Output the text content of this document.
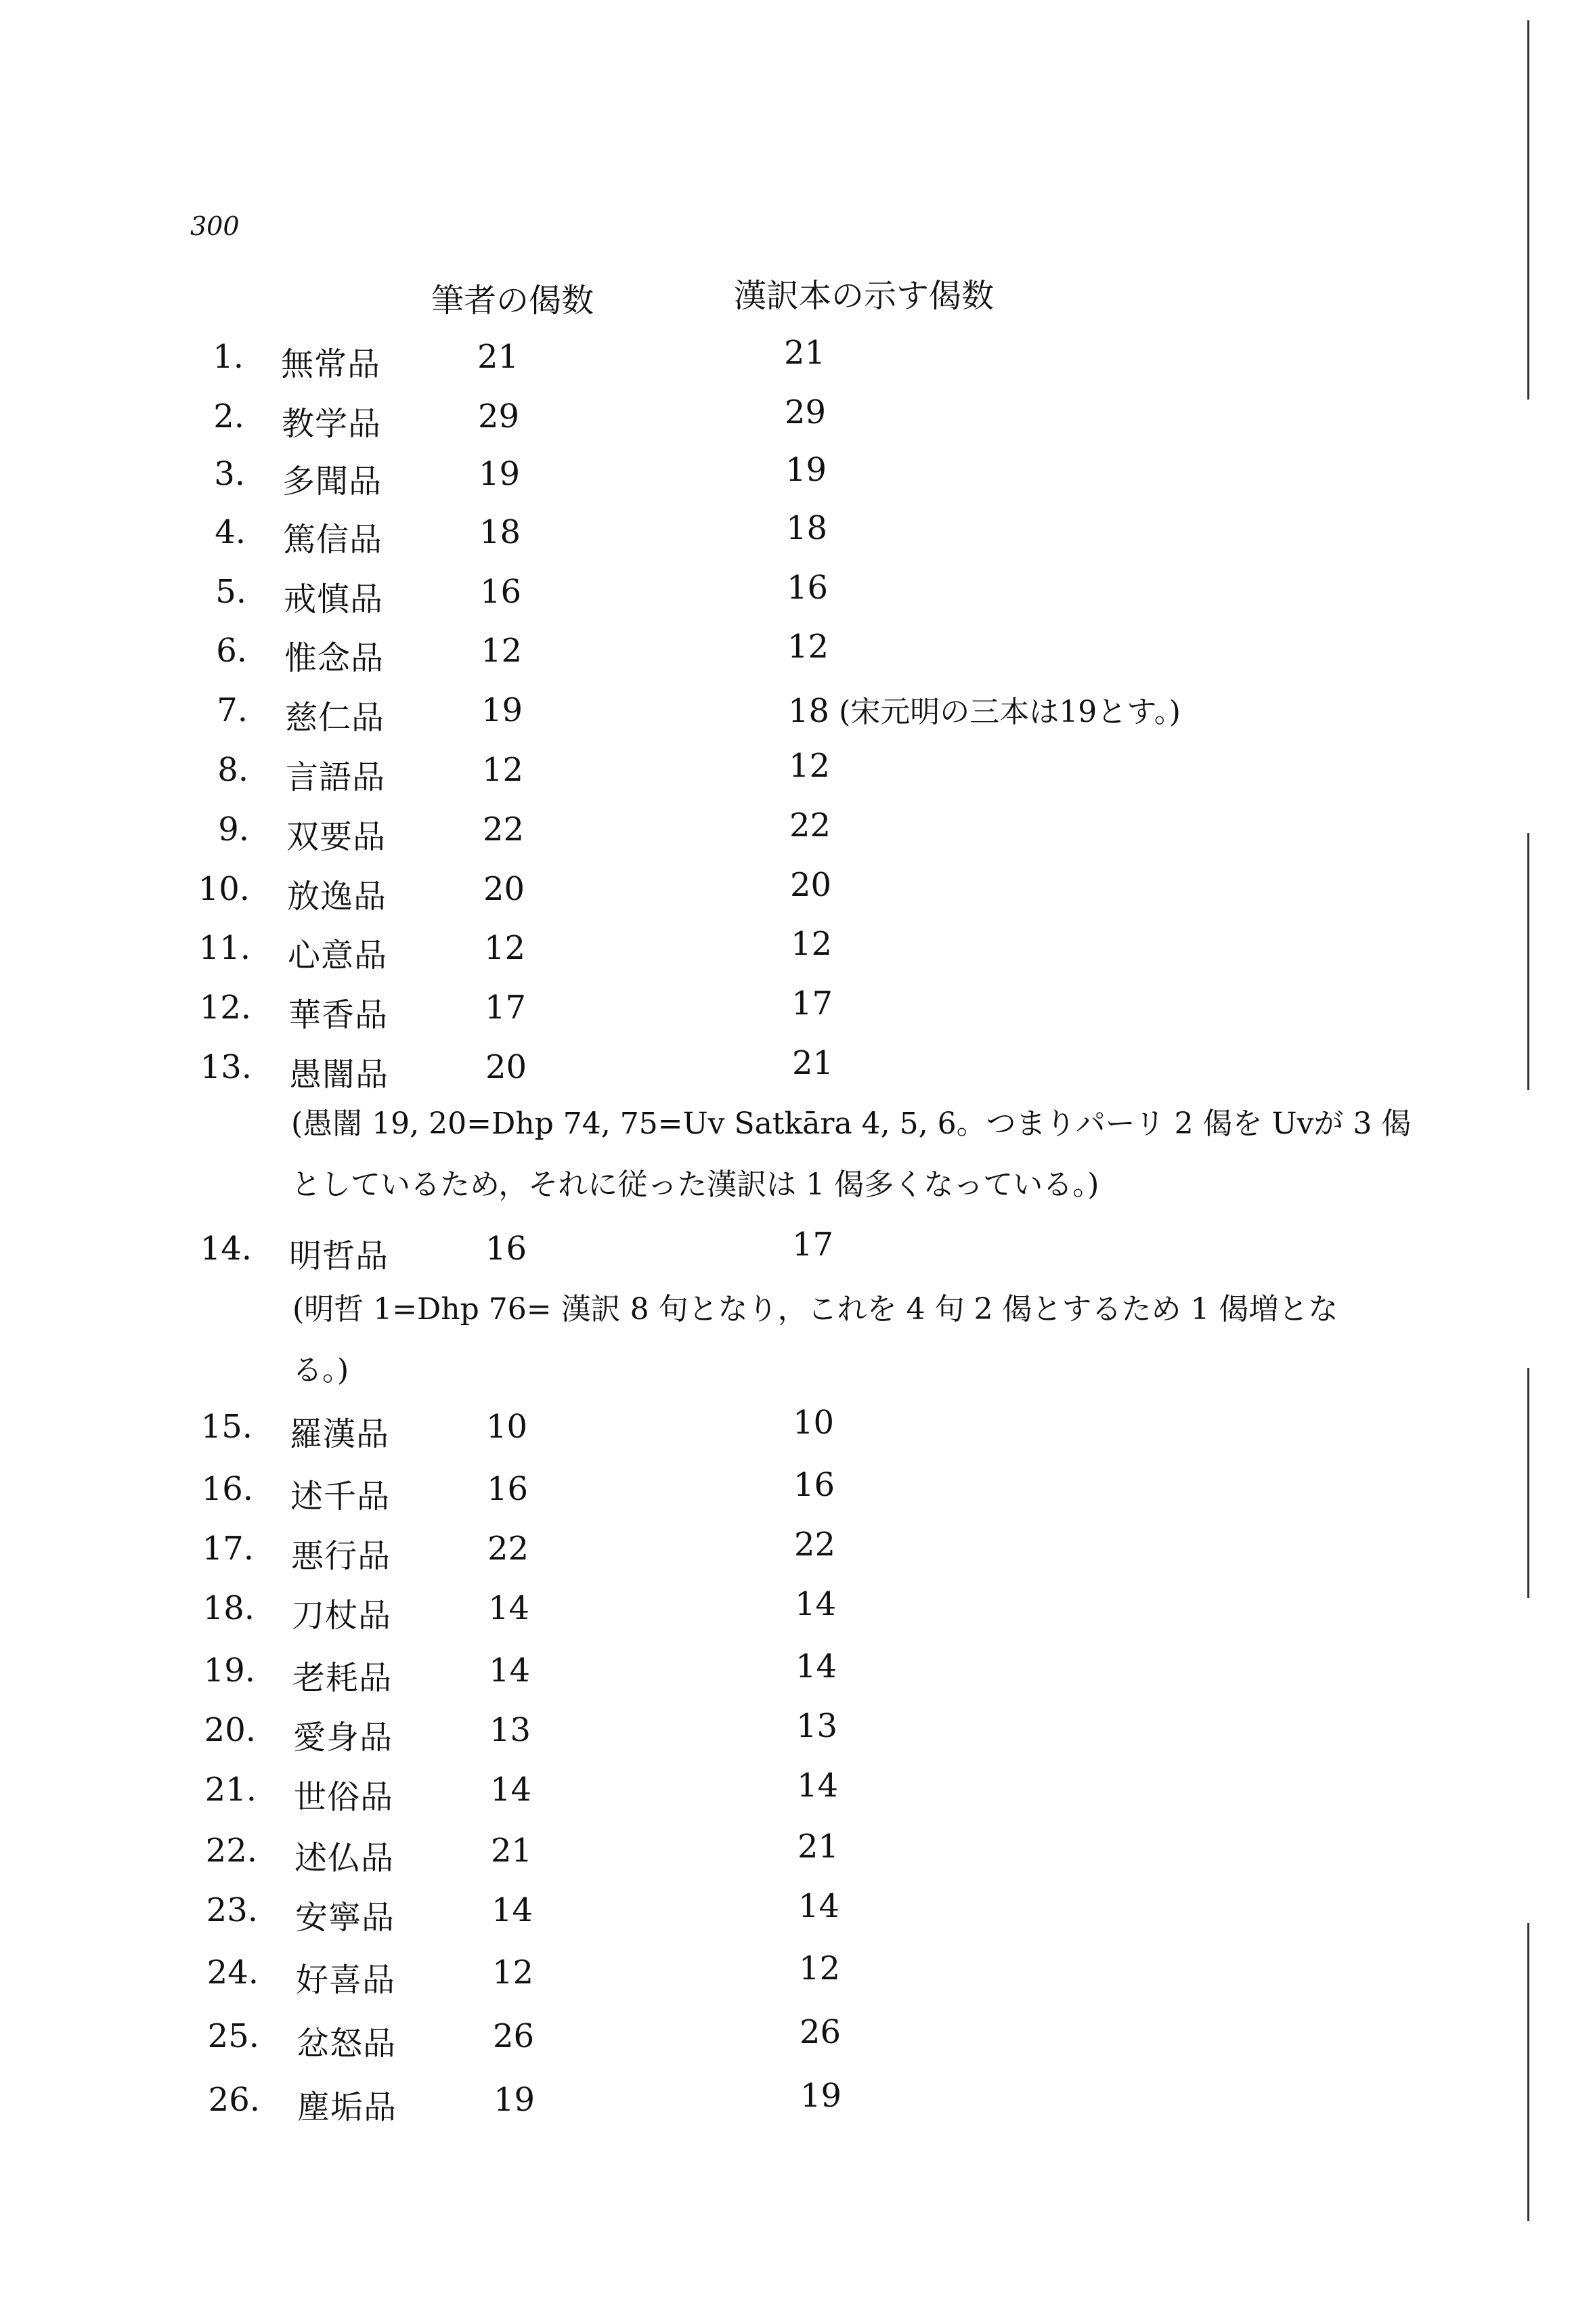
300
筆者の偈数	漢訳本の示す偈数
1. 無常品	21	21
2. 教学品	29	29
3. 多聞品	19	19
4. 篤信品	18	18
5. 戒慎品	16	16
6. 惟念品	12	12
7. 慈仁品	19	18 (宋元明の三本は19とす。)
8. 言語品	12	12
9. 双要品	22	22
10. 放逸品	20	20
11. 心意品	12	12
12. 華香品	17	17
13. 愚闇品	20	21
14. 明哲品	16	17
15. 羅漢品	10	10
16. 述千品	16	16
17. 悪行品	22	22
18. 刀杖品	14	14
19. 老耗品	14	14
20. 愛身品	13	13
21. 世俗品	14	14
22. 述仏品	21	21
23. 安寧品	14	14
24. 好喜品	12	12
25. 忿怒品	26	26
26. 塵垢品	19	19
(愚闇 19, 20=Dhp 74, 75=Uv Satkāra 4, 5, 6。つまりパーリ 2 偈を Uvが 3 偈
としているため，それに従った漢訳は 1 偈多くなっている。)
(明哲 1=Dhp 76= 漢訳 8 句となり，これを 4 句 2 偈とするため 1 偈増とな
る。)
